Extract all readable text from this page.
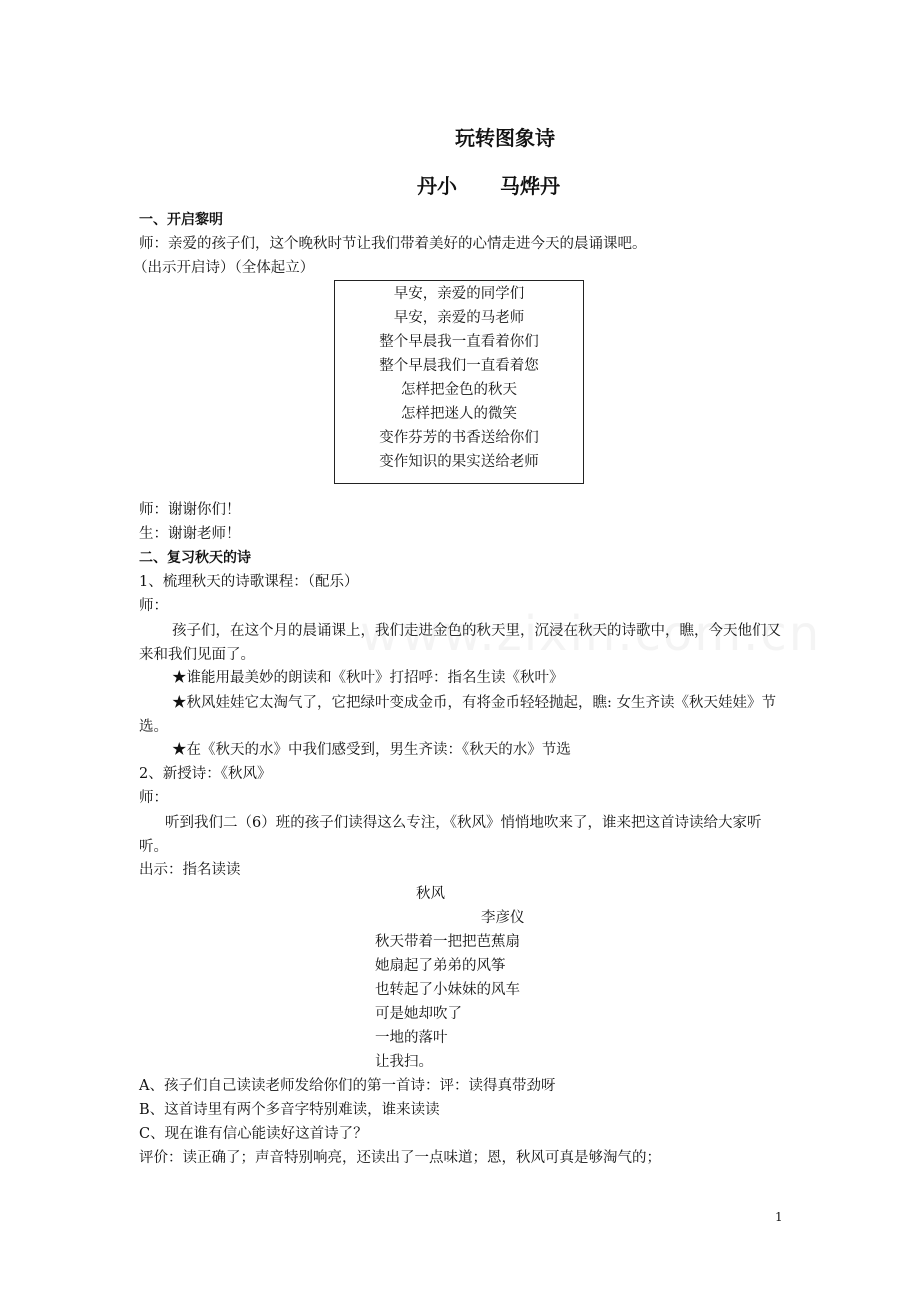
玩转图象诗
丹小 马烨丹
一、开启黎明
师：亲爱的孩子们，这个晚秋时节让我们带着美好的心情走进今天的晨诵课吧。
（出示开启诗）（全体起立）
早安，亲爱的同学们
早安，亲爱的马老师
整个早晨我一直看着你们
整个早晨我们一直看着您
怎样把金色的秋天
怎样把迷人的微笑
变作芬芳的书香送给你们
变作知识的果实送给老师
师：谢谢你们！
生：谢谢老师！
二、复习秋天的诗
1、梳理秋天的诗歌课程：（配乐）
师：
孩子们，在这个月的晨诵课上，我们走进金色的秋天里，沉浸在秋天的诗歌中，瞧，今天他们又来和我们见面了。
★谁能用最美妙的朗读和《秋叶》打招呼：指名生读《秋叶》
★秋风娃娃它太淘气了，它把绿叶变成金币，有将金币轻轻抛起，瞧: 女生齐读《秋天娃娃》节选。
★在《秋天的水》中我们感受到，男生齐读：《秋天的水》节选
2、新授诗：《秋风》
师：
听到我们二（6）班的孩子们读得这么专注，《秋风》悄悄地吹来了，谁来把这首诗读给大家听听。
出示：指名读读
秋风
李彦仪
秋天带着一把把芭蕉扇
她扇起了弟弟的风筝
也转起了小妹妹的风车
可是她却吹了
一地的落叶
让我扫。
A、孩子们自己读读老师发给你们的第一首诗：评：读得真带劲呀
B、这首诗里有两个多音字特别难读，谁来读读
C、现在谁有信心能读好这首诗了？
评价：读正确了；声音特别响亮，还读出了一点味道；恩，秋风可真是够淘气的；
1
